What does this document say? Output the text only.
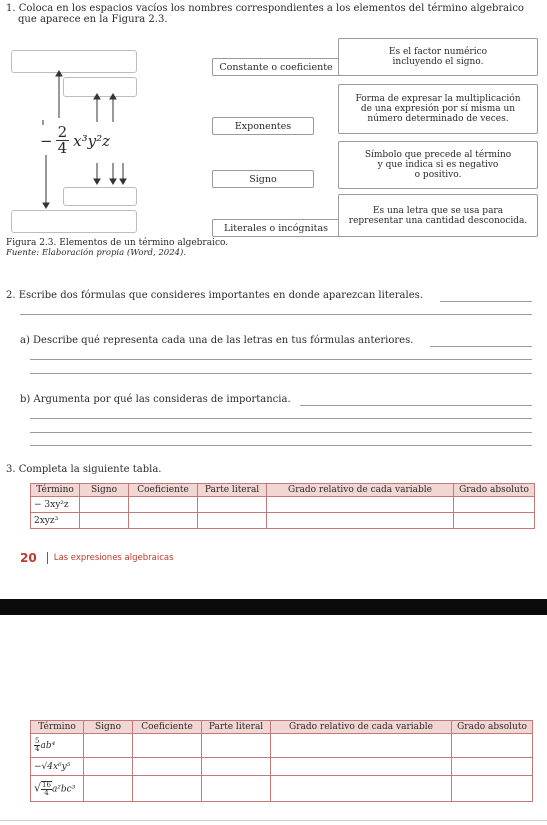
1. Coloca en los espacios vacíos los nombres correspondientes a los elementos del término algebraico
que aparece en la Figura 2.3.
− $\frac{2}{4} x^3y^2z$
Constante o coeficiente
Exponentes
Signo
Literales o incógnitas
Es el factor numérico
incluyendo el signo.
Forma de expresar la multiplicación
de una expresión por sí misma un
número determinado de veces.
Símbolo que precede al término
y que indica si es negativo
o positivo.
Es una letra que se usa para
representar una cantidad desconocida.
Figura 2.3. Elementos de un término algebraico.
Fuente: Elaboración propia (Word, 2024).
2. Escribe dos fórmulas que consideres importantes en donde aparezcan literales.
a) Describe qué representa cada una de las letras en tus fórmulas anteriores.
b) Argumenta por qué las consideras de importancia.
3. Completa la siguiente tabla.
Término	Signo	Coeficiente	Parte literal	Grado relativo de cada variable	Grado absoluto
− 3xy²z					
2xyz³					
20 Las expresiones algebraicas
Término	Signo	Coeficiente	Parte literal	Grado relativo de cada variable	Grado absoluto

$\frac{5}{4} ab^4$					
−√4x⁶y⁵					
√ $\frac{16}{4} a^2bc^3$					
